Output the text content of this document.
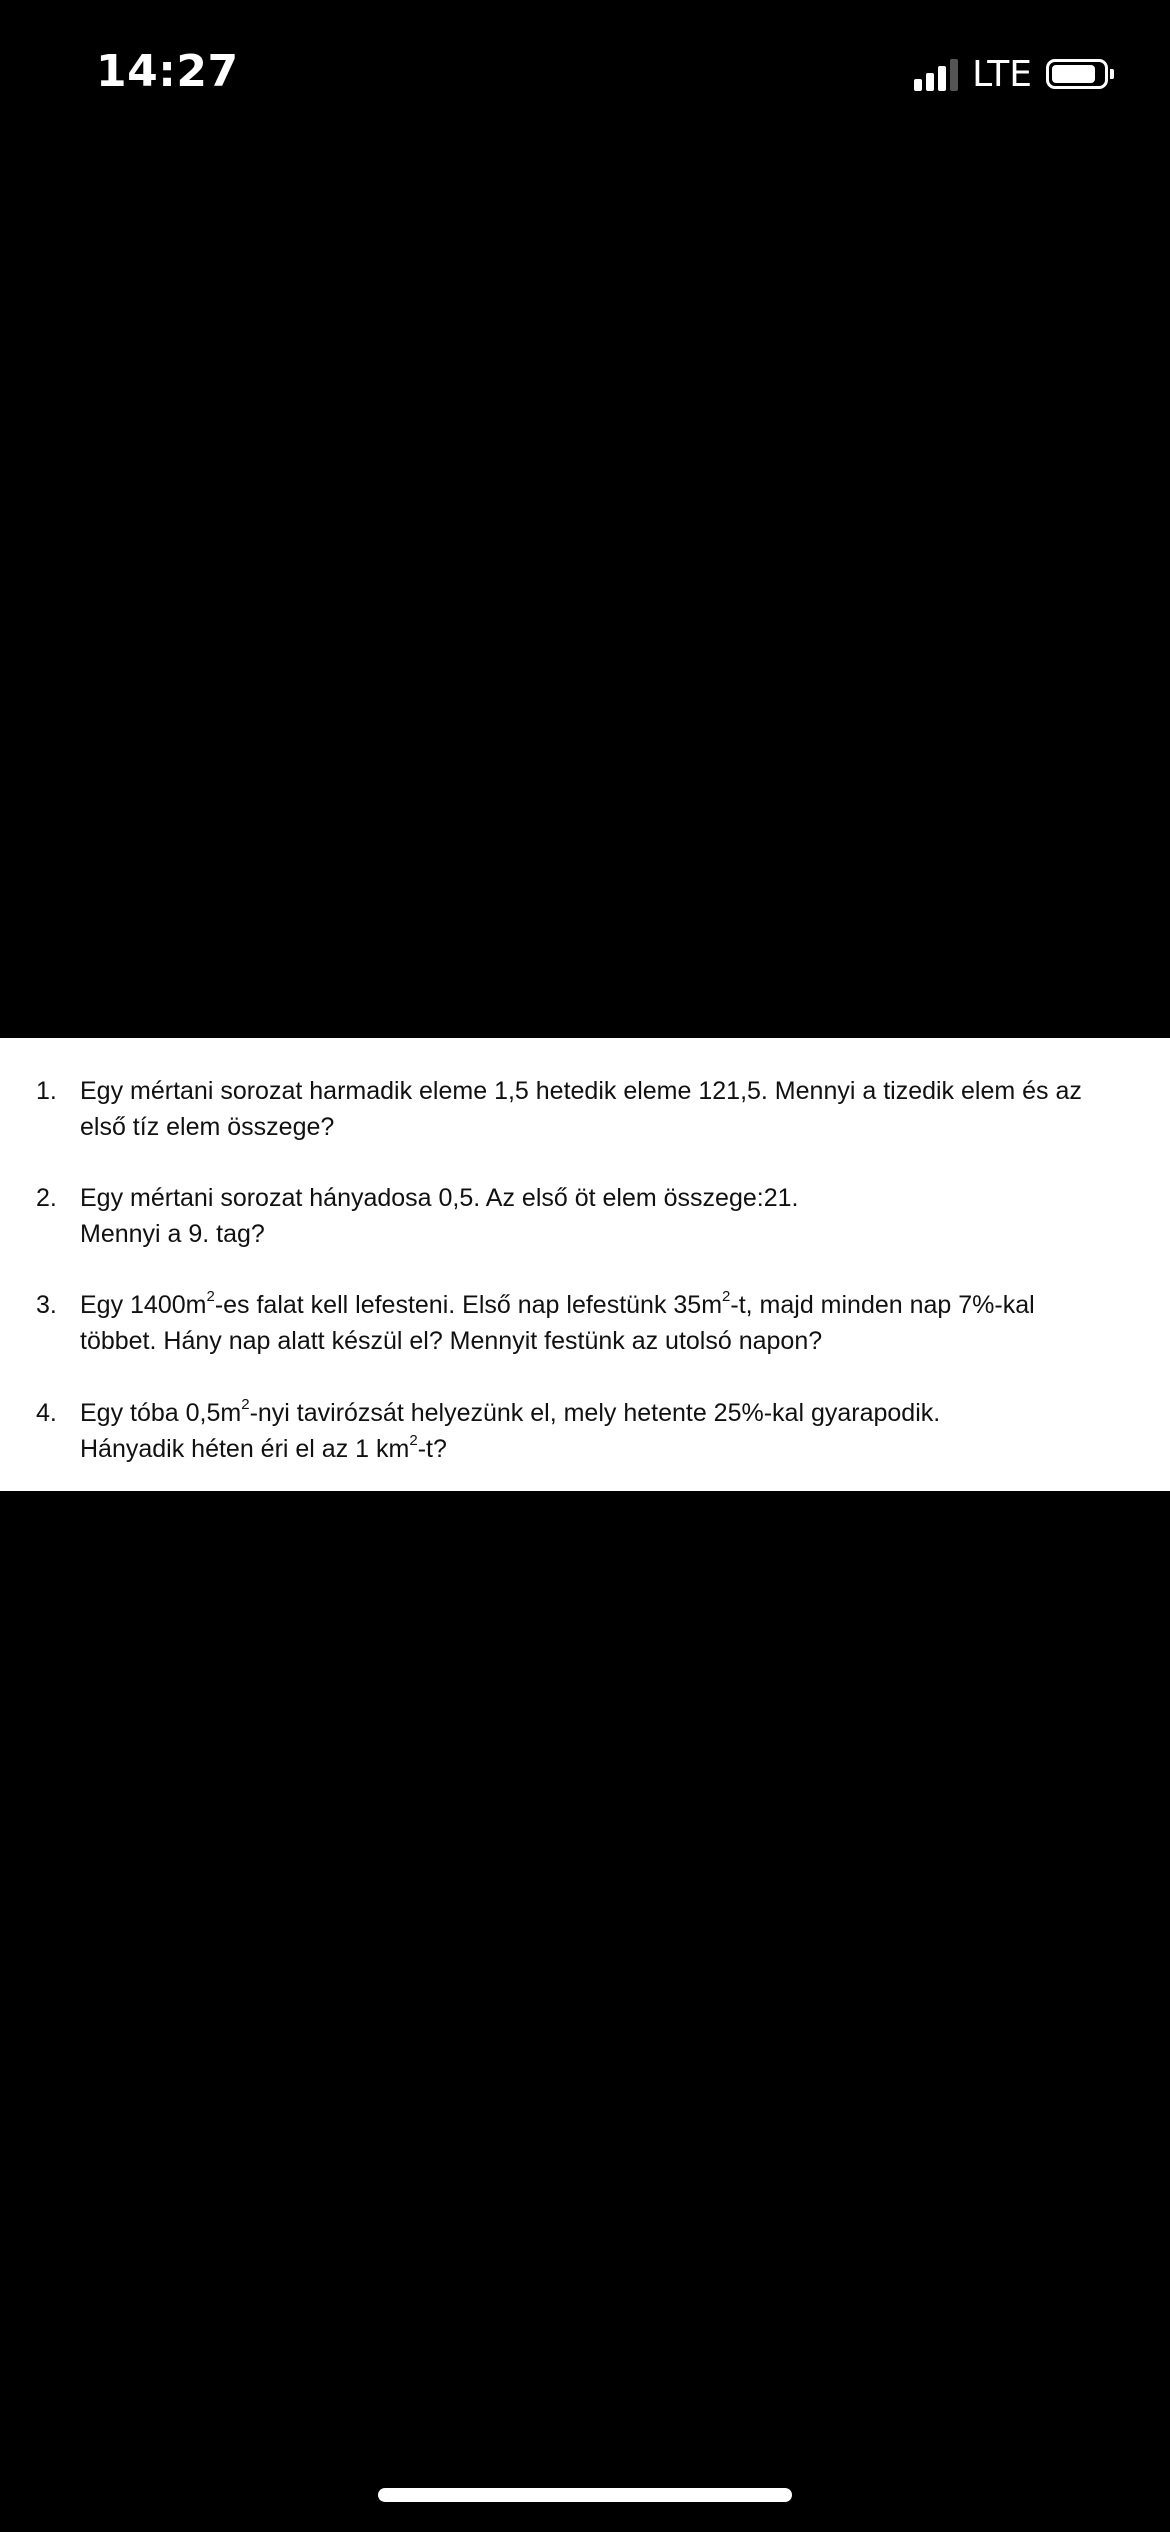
14:27	LTE
1. Egy mértani sorozat harmadik eleme 1,5 hetedik eleme 121,5. Mennyi a tizedik elem és az
első tíz elem összege?
2. Egy mértani sorozat hányadosa 0,5. Az első öt elem összege:21.
Mennyi a 9. tag?
3. Egy $1400m^2-es$ falat kell lefesteni. Első nap lefestünk $35m^2-t$, majd minden nap 7%-kal
többet. Hány nap alatt készül el? Mennyit festünk az utolsó napon?
4. Egy tóba $0,5m^2$-nyi tavirózsát helyezünk el, mely hetente 25%-kal gyarapodik.
Hányadik héten éri el az 1 $km^2-t$?
